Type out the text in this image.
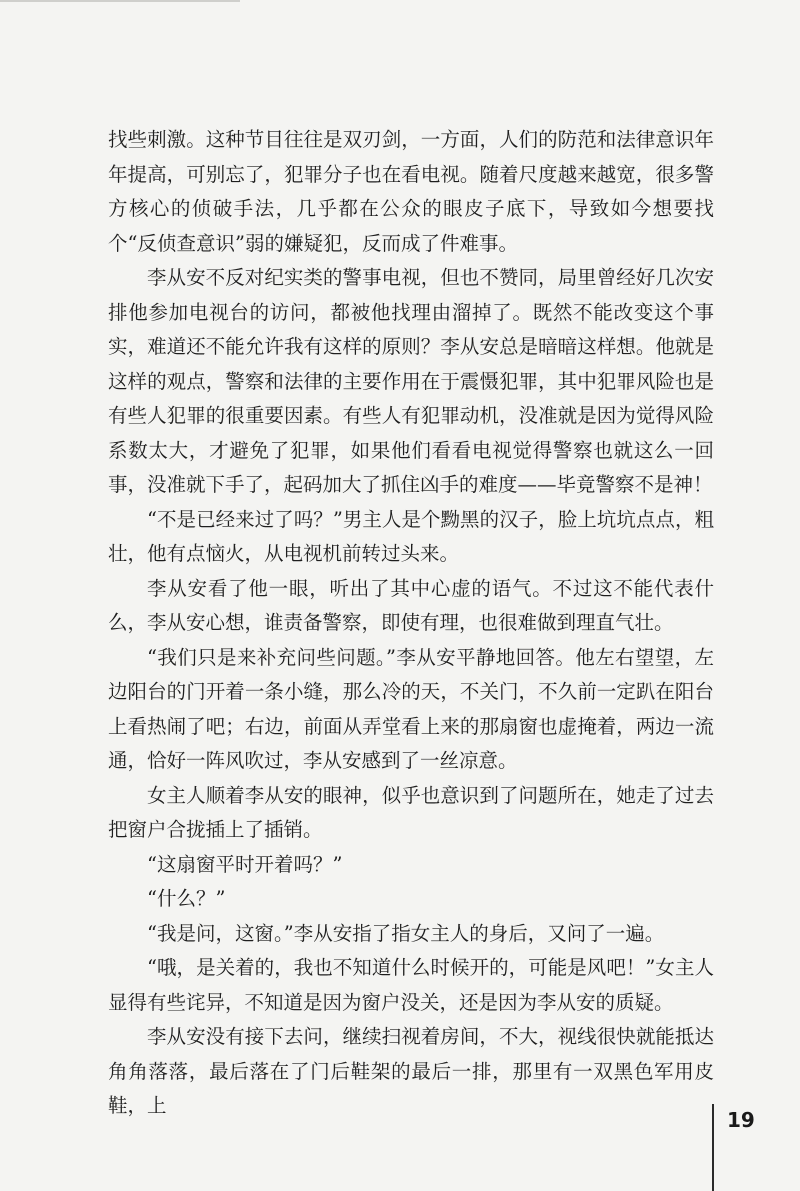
找些刺激。这种节目往往是双刃剑，一方面，人们的防范和法律意识年年提高，可别忘了，犯罪分子也在看电视。随着尺度越来越宽，很多警方核心的侦破手法，几乎都在公众的眼皮子底下，导致如今想要找个“反侦查意识”弱的嫌疑犯，反而成了件难事。

李从安不反对纪实类的警事电视，但也不赞同，局里曾经好几次安排他参加电视台的访问，都被他找理由溜掉了。既然不能改变这个事实，难道还不能允许我有这样的原则？李从安总是暗暗这样想。他就是这样的观点，警察和法律的主要作用在于震慑犯罪，其中犯罪风险也是有些人犯罪的很重要因素。有些人有犯罪动机，没准就是因为觉得风险系数太大，才避免了犯罪，如果他们看看电视觉得警察也就这么一回事，没准就下手了，起码加大了抓住凶手的难度——毕竟警察不是神！

“不是已经来过了吗？”男主人是个黝黑的汉子，脸上坑坑点点，粗壮，他有点恼火，从电视机前转过头来。

李从安看了他一眼，听出了其中心虚的语气。不过这不能代表什么，李从安心想，谁责备警察，即使有理，也很难做到理直气壮。

“我们只是来补充问些问题。”李从安平静地回答。他左右望望，左边阳台的门开着一条小缝，那么冷的天，不关门，不久前一定趴在阳台上看热闹了吧；右边，前面从弄堂看上来的那扇窗也虚掩着，两边一流通，恰好一阵风吹过，李从安感到了一丝凉意。

女主人顺着李从安的眼神，似乎也意识到了问题所在，她走了过去把窗户合拢插上了插销。

“这扇窗平时开着吗？”

“什么？”

“我是问，这窗。”李从安指了指女主人的身后，又问了一遍。

“哦，是关着的，我也不知道什么时候开的，可能是风吧！”女主人显得有些诧异，不知道是因为窗户没关，还是因为李从安的质疑。

李从安没有接下去问，继续扫视着房间，不大，视线很快就能抵达角角落落，最后落在了门后鞋架的最后一排，那里有一双黑色军用皮鞋，上

19
